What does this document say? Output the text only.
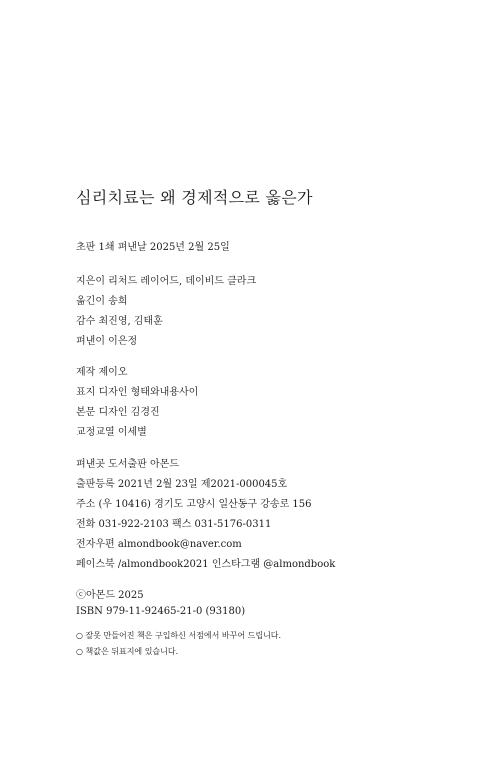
심리치료는 왜 경제적으로 옳은가
초판 1쇄 펴낸날 2025년 2월 25일
지은이 리처드 레이어드, 데이비드 클라크
옮긴이 송희
감수 최진영, 김태훈
펴낸이 이은정
제작 제이오
표지 디자인 형태와내용사이
본문 디자인 김경진
교정교열 이세별
펴낸곳 도서출판 아몬드
출판등록 2021년 2월 23일 제2021-000045호
주소 (우 10416) 경기도 고양시 일산동구 강송로 156
전화 031-922-2103 팩스 031-5176-0311
전자우편 almondbook@naver.com
페이스북 /almondbook2021 인스타그램 @almondbook
ⓒ아몬드 2025
ISBN 979-11-92465-21-0 (93180)
○ 잘못 만들어진 책은 구입하신 서점에서 바꾸어 드립니다.
○ 책값은 뒤표지에 있습니다.
